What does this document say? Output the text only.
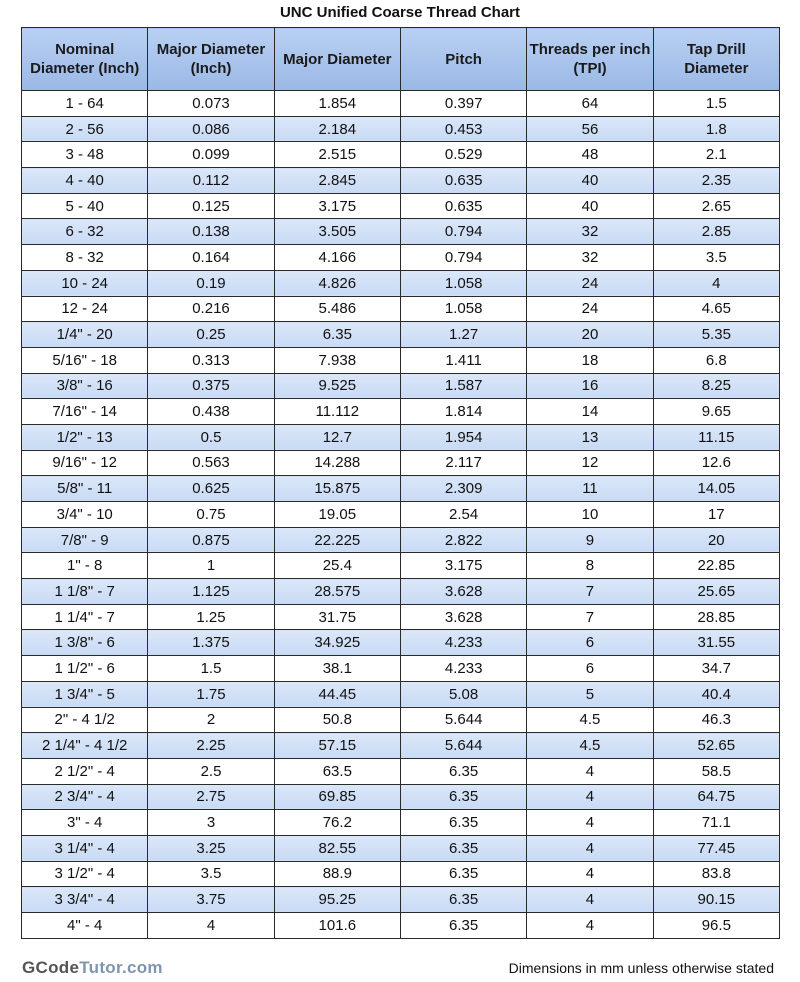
UNC Unified Coarse Thread Chart
Nominal Diameter (Inch)	Major Diameter (Inch)	Major Diameter	Pitch	Threads per inch (TPI)	Tap Drill Diameter
1 - 64	0.073	1.854	0.397	64	1.5
2 - 56	0.086	2.184	0.453	56	1.8
3 - 48	0.099	2.515	0.529	48	2.1
4 - 40	0.112	2.845	0.635	40	2.35
5 - 40	0.125	3.175	0.635	40	2.65
6 - 32	0.138	3.505	0.794	32	2.85
8 - 32	0.164	4.166	0.794	32	3.5
10 - 24	0.19	4.826	1.058	24	4
12 - 24	0.216	5.486	1.058	24	4.65
1/4" - 20	0.25	6.35	1.27	20	5.35
5/16" - 18	0.313	7.938	1.411	18	6.8
3/8" - 16	0.375	9.525	1.587	16	8.25
7/16" - 14	0.438	11.112	1.814	14	9.65
1/2" - 13	0.5	12.7	1.954	13	11.15
9/16" - 12	0.563	14.288	2.117	12	12.6
5/8" - 11	0.625	15.875	2.309	11	14.05
3/4" - 10	0.75	19.05	2.54	10	17
7/8" - 9	0.875	22.225	2.822	9	20
1" - 8	1	25.4	3.175	8	22.85
1 1/8" - 7	1.125	28.575	3.628	7	25.65
1 1/4" - 7	1.25	31.75	3.628	7	28.85
1 3/8" - 6	1.375	34.925	4.233	6	31.55
1 1/2" - 6	1.5	38.1	4.233	6	34.7
1 3/4" - 5	1.75	44.45	5.08	5	40.4
2" - 4 1/2	2	50.8	5.644	4.5	46.3
2 1/4" - 4 1/2	2.25	57.15	5.644	4.5	52.65
2 1/2" - 4	2.5	63.5	6.35	4	58.5
2 3/4" - 4	2.75	69.85	6.35	4	64.75
3" - 4	3	76.2	6.35	4	71.1
3 1/4" - 4	3.25	82.55	6.35	4	77.45
3 1/2" - 4	3.5	88.9	6.35	4	83.8
3 3/4" - 4	3.75	95.25	6.35	4	90.15
4" - 4	4	101.6	6.35	4	96.5
GCodeTutor.com	Dimensions in mm unless otherwise stated
